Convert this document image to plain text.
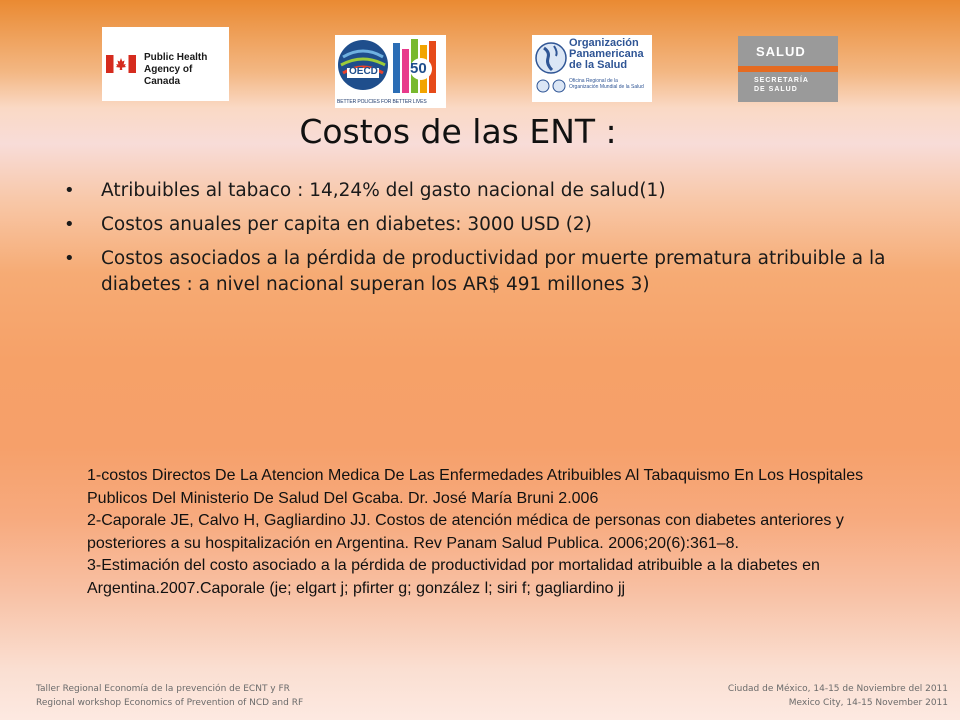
Public Health
Agency of Canada
OECD 50
BETTER POLICIES FOR BETTER LIVES
Organización
Panamericana
de la Salud
Oficina Regional de la
Organización Mundial de la Salud
SALUD
SECRETARÍA
DE SALUD
Costos de las ENT :
• Atribuibles al tabaco : 14,24% del gasto nacional de salud(1)
• Costos anuales per capita en diabetes: 3000 USD (2)
• Costos asociados a la pérdida de productividad por muerte prematura atribuible a la diabetes : a nivel nacional superan los AR$ 491 millones 3)

1-costos Directos De La Atencion Medica De Las Enfermedades Atribuibles Al Tabaquismo En Los Hospitales Publicos Del Ministerio De Salud Del Gcaba. Dr. José María Bruni 2.006

2-Caporale JE, Calvo H, Gagliardino JJ. Costos de atención médica de personas con diabetes anteriores y posteriores a su hospitalización en Argentina. Rev Panam Salud Publica. 2006;20(6):361–8.

3-Estimación del costo asociado a la pérdida de productividad por mortalidad atribuible a la diabetes en Argentina.2007.Caporale (je; elgart j; pfirter g; gonzález l; siri f; gagliardino jj

Taller Regional Economía de la prevención de ECNT y FR
Regional workshop Economics of Prevention of NCD and RF
Ciudad de México, 14-15 de Noviembre del 2011
Mexico City, 14-15 November 2011
